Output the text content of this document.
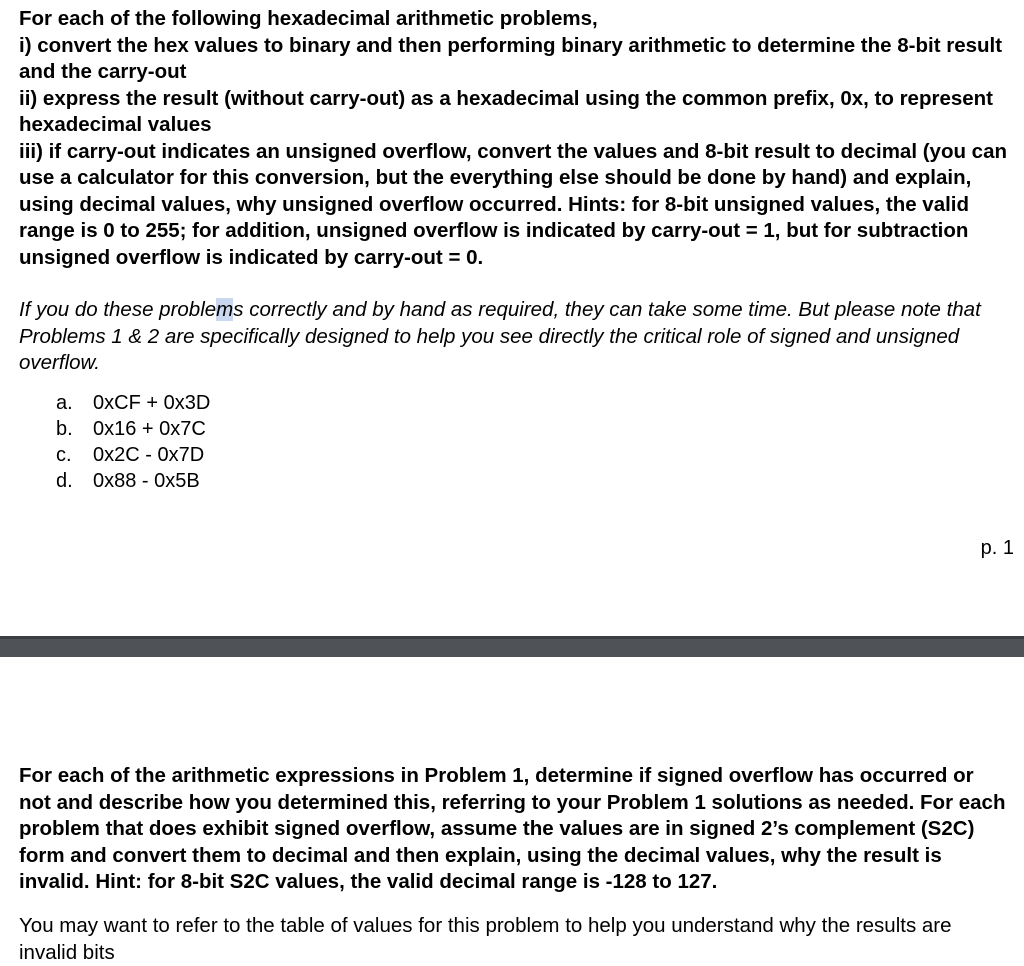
For each of the following hexadecimal arithmetic problems,

i) convert the hex values to binary and then performing binary arithmetic to determine the 8-bit result and the carry-out

ii) express the result (without carry-out) as a hexadecimal using the common prefix, 0x, to represent hexadecimal values

iii) if carry-out indicates an unsigned overflow, convert the values and 8-bit result to decimal (you can use a calculator for this conversion, but the everything else should be done by hand) and explain, using decimal values, why unsigned overflow occurred. Hints: for 8-bit unsigned values, the valid range is 0 to 255; for addition, unsigned overflow is indicated by carry-out = 1, but for subtraction unsigned overflow is indicated by carry-out = 0.

If you do these problems correctly and by hand as required, they can take some time. But please note that Problems 1 & 2 are specifically designed to help you see directly the critical role of signed and unsigned overflow.

a.	0xCF + 0x3D
b.	0x16 + 0x7C
c.	0x2C - 0x7D
d.	0x88 - 0x5B
p. 1

For each of the arithmetic expressions in Problem 1, determine if signed overflow has occurred or not and describe how you determined this, referring to your Problem 1 solutions as needed. For each problem that does exhibit signed overflow, assume the values are in signed 2’s complement (S2C) form and convert them to decimal and then explain, using the decimal values, why the result is invalid. Hint: for 8-bit S2C values, the valid decimal range is -128 to 127.

You may want to refer to the table of values for this problem to help you understand why the results are invalid bits
